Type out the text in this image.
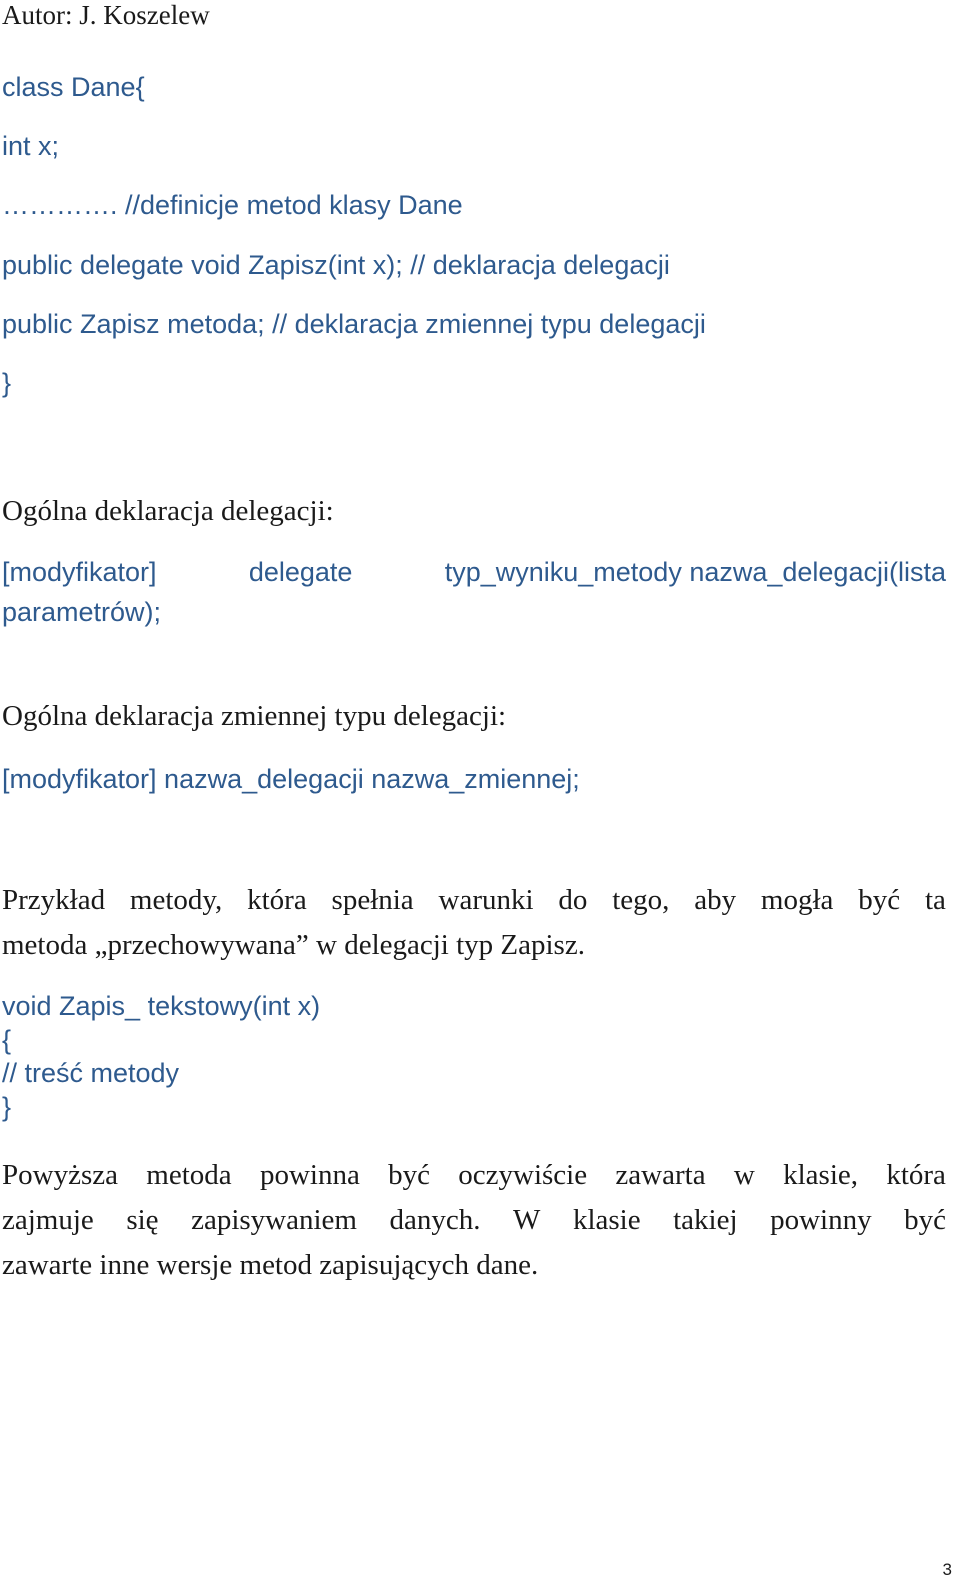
Autor: J. Koszelew
class Dane{
int x;
…………. //definicje metod klasy Dane
public delegate void Zapisz(int x); // deklaracja delegacji
public Zapisz metoda; // deklaracja zmiennej typu delegacji
}
Ogólna deklaracja delegacji:
[modyfikator]	delegate	typ_wyniku_metody nazwa_delegacji(lista
parametrów);
Ogólna deklaracja zmiennej typu delegacji:
[modyfikator] nazwa_delegacji nazwa_zmiennej;
Przykład metody, która spełnia warunki do tego, aby mogła być ta
metoda „przechowywana” w delegacji typ Zapisz.
void Zapis_ tekstowy(int x)
{
// treść metody
}
Powyższa metoda powinna być oczywiście zawarta w klasie, która
zajmuje się zapisywaniem danych. W klasie takiej powinny być
zawarte inne wersje metod zapisujących dane.
3
